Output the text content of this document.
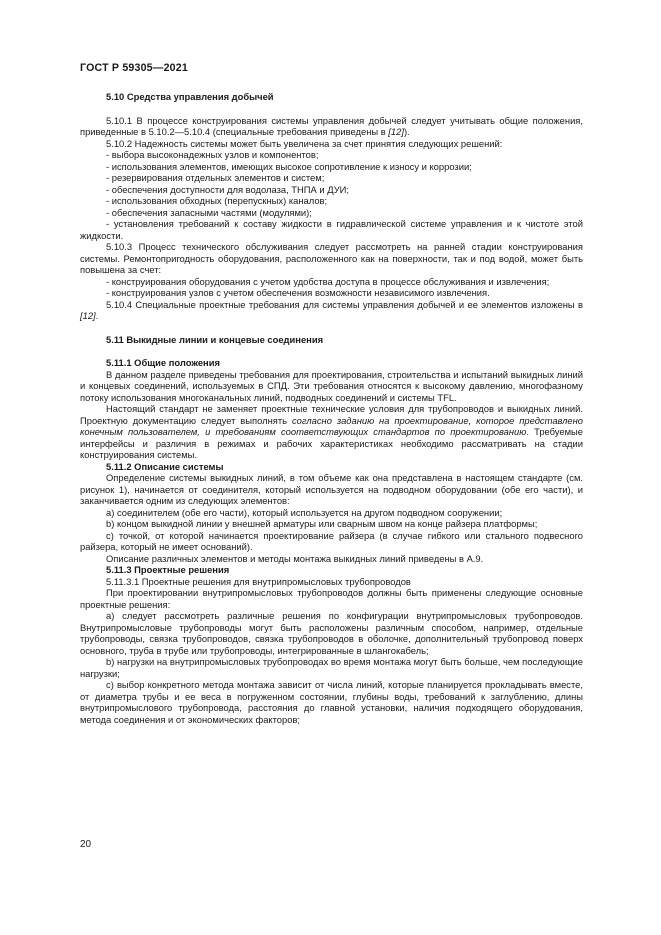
ГОСТ Р 59305—2021

5.10 Средства управления добычей

5.10.1 В процессе конструирования системы управления добычей следует учитывать общие положения, приведенные в 5.10.2—5.10.4 (специальные требования приведены в [12]).

5.10.2 Надежность системы может быть увеличена за счет принятия следующих решений:

- выбора высоконадежных узлов и компонентов;

- использования элементов, имеющих высокое сопротивление к износу и коррозии;

- резервирования отдельных элементов и систем;

- обеспечения доступности для водолаза, ТНПА и ДУИ;

- использования обходных (перепускных) каналов;

- обеспечения запасными частями (модулями);

- установления требований к составу жидкости в гидравлической системе управления и к чистоте этой жидкости.

5.10.3 Процесс технического обслуживания следует рассмотреть на ранней стадии конструирования системы. Ремонтопригодность оборудования, расположенного как на поверхности, так и под водой, может быть повышена за счет:

- конструирования оборудования с учетом удобства доступа в процессе обслуживания и извлечения;

- конструирования узлов с учетом обеспечения возможности независимого извлечения.

5.10.4 Специальные проектные требования для системы управления добычей и ее элементов изложены в [12].

5.11 Выкидные линии и концевые соединения

5.11.1 Общие положения

В данном разделе приведены требования для проектирования, строительства и испытаний выкидных линий и концевых соединений, используемых в СПД. Эти требования относятся к высокому давлению, многофазному потоку использования многоканальных линий, подводных соединений и системы TFL.

Настоящий стандарт не заменяет проектные технические условия для трубопроводов и выкидных линий. Проектную документацию следует выполнять согласно заданию на проектирование, которое представлено конечным пользователем, и требованиям соответствующих стандартов по проектированию. Требуемые интерфейсы и различия в режимах и рабочих характеристиках необходимо рассматривать на стадии конструирования системы.

5.11.2 Описание системы

Определение системы выкидных линий, в том объеме как она представлена в настоящем стандарте (см. рисунок 1), начинается от соединителя, который используется на подводном оборудовании (обе его части), и заканчивается одним из следующих элементов:

a) соединителем (обе его части), который используется на другом подводном сооружении;

b) концом выкидной линии у внешней арматуры или сварным швом на конце райзера платформы;

c) точкой, от которой начинается проектирование райзера (в случае гибкого или стального подвесного райзера, который не имеет оснований).

Описание различных элементов и методы монтажа выкидных линий приведены в А.9.

5.11.3 Проектные решения

5.11.3.1 Проектные решения для внутрипромысловых трубопроводов

При проектировании внутрипромысловых трубопроводов должны быть применены следующие основные проектные решения:

a) следует рассмотреть различные решения по конфигурации внутрипромысловых трубопроводов. Внутрипромысловые трубопроводы могут быть расположены различным способом, например, отдельные трубопроводы, связка трубопроводов, связка трубопроводов в оболочке, дополнительный трубопровод поверх основного, труба в трубе или трубопроводы, интегрированные в шлангокабель;

b) нагрузки на внутрипромысловых трубопроводах во время монтажа могут быть больше, чем последующие нагрузки;

c) выбор конкретного метода монтажа зависит от числа линий, которые планируется прокладывать вместе, от диаметра трубы и ее веса в погруженном состоянии, глубины воды, требований к заглублению, длины внутрипромыслового трубопровода, расстояния до главной установки, наличия подходящего оборудования, метода соединения и от экономических факторов;

20
